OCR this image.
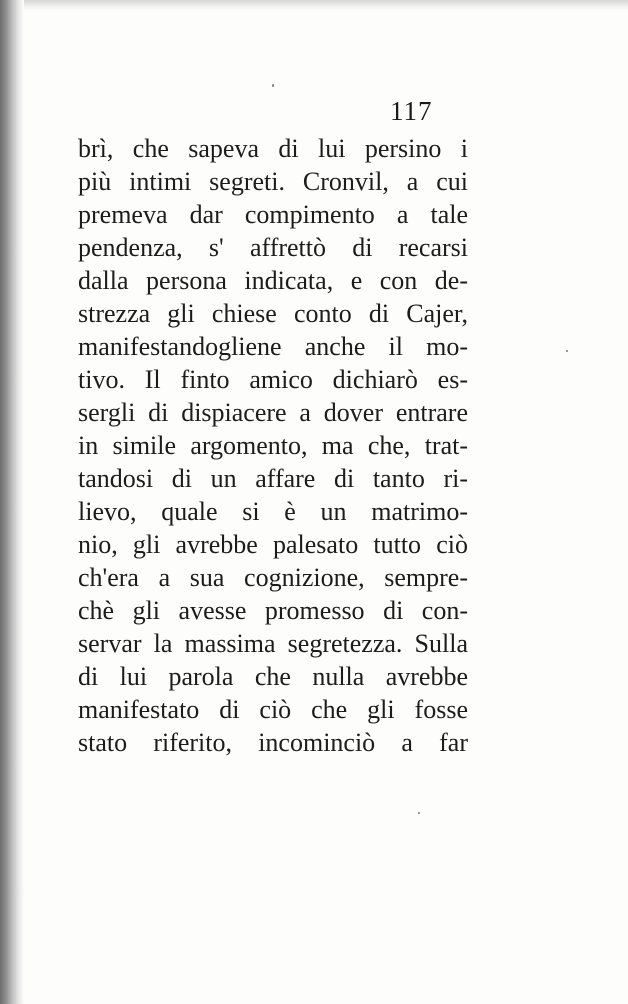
117
brì, che sapeva di lui persino i
più intimi segreti. Cronvil, a cui
premeva dar compimento a tale
pendenza, s' affrettò di recarsi
dalla persona indicata, e con de-
strezza gli chiese conto di Cajer,
manifestandogliene anche il mo-
tivo. Il finto amico dichiarò es-
sergli di dispiacere a dover entrare
in simile argomento, ma che, trat-
tandosi di un affare di tanto ri-
lievo, quale si è un matrimo-
nio, gli avrebbe palesato tutto ciò
ch'era a sua cognizione, sempre-
chè gli avesse promesso di con-
servar la massima segretezza. Sulla
di lui parola che nulla avrebbe
manifestato di ciò che gli fosse
stato riferito, incominciò a far
